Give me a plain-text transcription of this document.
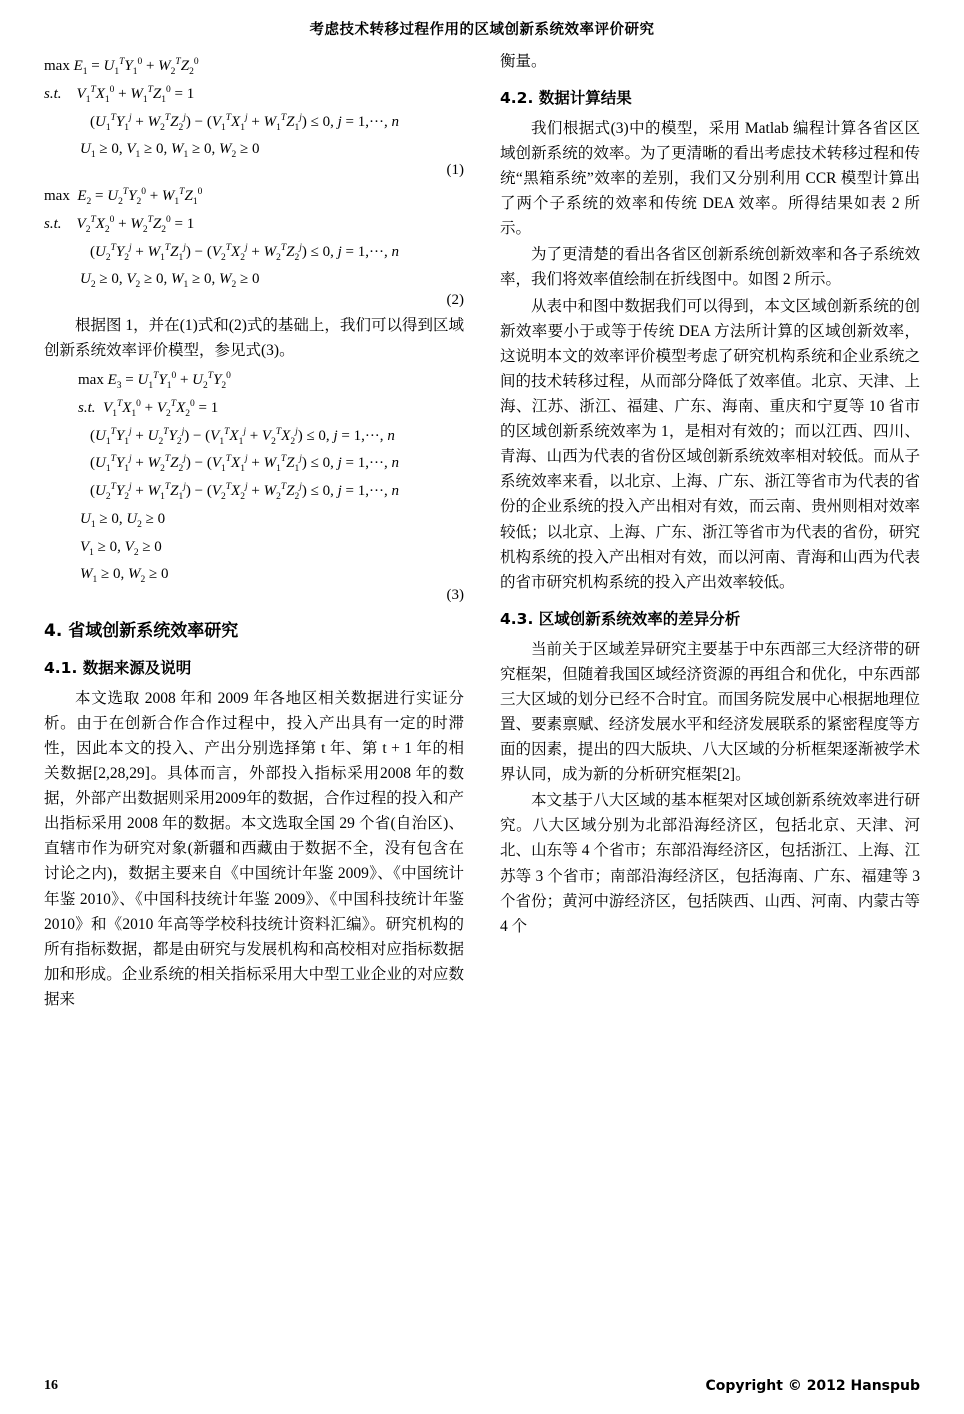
考虑技术转移过程作用的区域创新系统效率评价研究
$\max E_1 = U_1^TY_1^0 + W_2^TZ_2^0$
s.t. $V_1^TX_1^0 + W_1^TZ_1^0 = 1$
$(U_1^TY_1^j + W_2^TZ_2^j) - (V_1^TX_1^j + W_1^TZ_1^j) \le 0$, j = 1,···, n
$U_1 \ge 0$, $V_1 \ge 0$, $W_1 \ge 0$, $W_2 \ge 0$
(1)
$\max E_2 = U_2^TY_2^0 + W_1^TZ_1^0$
s.t. $V_2^TX_2^0 + W_2^TZ_2^0 = 1$
$(U_2^TY_2^j + W_1^TZ_1^j) - (V_2^TX_2^j + W_2^TZ_2^j) \le 0$, j = 1,···, n
$U_2 \ge 0$, $V_2 \ge 0$, $W_1 \ge 0$, $W_2 \ge 0$
(2)

根据图 1，并在(1)式和(2)式的基础上，我们可以得到区域创新系统效率评价模型，参见式(3)。

$\max E_3 = U_1^TY_1^0 + U_2^TY_2^0$
s.t. $V_1^TX_1^0 + V_2^TX_2^0 = 1$
$(U_1^TY_1^j + U_2^TY_2^j) - (V_1^TX_1^j + V_2^TX_2^j) \le 0$, j = 1,···, n
$(U_1^TY_1^j + W_2^TZ_2^j) - (V_1^TX_1^j + W_1^TZ_1^j) \le 0$, j = 1,···, n
$(U_2^TY_2^j + W_1^TZ_1^j) - (V_2^TX_2^j + W_2^TZ_2^j) \le 0$, j = 1,···, n
$U_1 \ge 0$, $U_2 \ge 0$
$V_1 \ge 0$, $V_2 \ge 0$
$W_1 \ge 0$, $W_2 \ge 0$
(3)
4. 省域创新系统效率研究
4.1. 数据来源及说明

本文选取 2008 年和 2009 年各地区相关数据进行实证分析。由于在创新合作合作过程中，投入产出具有一定的时滞性，因此本文的投入、产出分别选择第 t 年、第 t + 1 年的相关数据[2,28,29]。具体而言，外部投入指标采用2008 年的数据，外部产出数据则采用2009年的数据，合作过程的投入和产出指标采用 2008 年的数据。本文选取全国 29 个省(自治区)、直辖市作为研究对象(新疆和西藏由于数据不全，没有包含在讨论之内)，数据主要来自《中国统计年鉴 2009》、《中国统计年鉴 2010》、《中国科技统计年鉴 2009》、《中国科技统计年鉴 2010》和《2010 年高等学校科技统计资料汇编》。研究机构的所有指标数据，都是由研究与发展机构和高校相对应指标数据加和形成。企业系统的相关指标采用大中型工业企业的对应数据来

衡量。

4.2. 数据计算结果

我们根据式(3)中的模型，采用 Matlab 编程计算各省区区域创新系统的效率。为了更清晰的看出考虑技术转移过程和传统“黑箱系统”效率的差别，我们又分别利用 CCR 模型计算出了两个子系统的效率和传统 DEA 效率。所得结果如表 2 所示。

为了更清楚的看出各省区创新系统创新效率和各子系统效率，我们将效率值绘制在折线图中。如图 2 所示。

从表中和图中数据我们可以得到，本文区域创新系统的创新效率要小于或等于传统 DEA 方法所计算的区域创新效率，这说明本文的效率评价模型考虑了研究机构系统和企业系统之间的技术转移过程，从而部分降低了效率值。北京、天津、上海、江苏、浙江、福建、广东、海南、重庆和宁夏等 10 省市的区域创新系统效率为 1，是相对有效的；而以江西、四川、青海、山西为代表的省份区域创新系统效率相对较低。而从子系统效率来看，以北京、上海、广东、浙江等省市为代表的省份的企业系统的投入产出相对有效，而云南、贵州则相对效率较低；以北京、上海、广东、浙江等省市为代表的省份，研究机构系统的投入产出相对有效，而以河南、青海和山西为代表的省市研究机构系统的投入产出效率较低。

4.3. 区域创新系统效率的差异分析

当前关于区域差异研究主要基于中东西部三大经济带的研究框架，但随着我国区域经济资源的再组合和优化，中东西部三大区域的划分已经不合时宜。而国务院发展中心根据地理位置、要素禀赋、经济发展水平和经济发展联系的紧密程度等方面的因素，提出的四大版块、八大区域的分析框架逐渐被学术界认同，成为新的分析研究框架[2]。

本文基于八大区域的基本框架对区域创新系统效率进行研究。八大区域分别为北部沿海经济区，包括北京、天津、河北、山东等 4 个省市；东部沿海经济区，包括浙江、上海、江苏等 3 个省市；南部沿海经济区，包括海南、广东、福建等 3 个省份；黄河中游经济区，包括陕西、山西、河南、内蒙古等 4 个

16	Copyright © 2012 Hanspub
